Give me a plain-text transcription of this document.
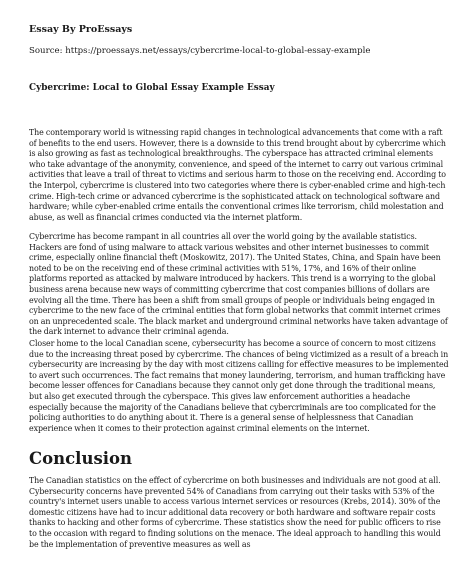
Essay By ProEssays
Source: https://proessays.net/essays/cybercrime-local-to-global-essay-example
Cybercrime: Local to Global Essay Example Essay

The contemporary world is witnessing rapid changes in technological advancements that come with a raft of benefits to the end users. However, there is a downside to this trend brought about by cybercrime which is also growing as fast as technological breakthroughs. The cyberspace has attracted criminal elements who take advantage of the anonymity, convenience, and speed of the internet to carry out various criminal activities that leave a trail of threat to victims and serious harm to those on the receiving end. According to the Interpol, cybercrime is clustered into two categories where there is cyber-enabled crime and high-tech crime. High-tech crime or advanced cybercrime is the sophisticated attack on technological software and hardware; while cyber-enabled crime entails the conventional crimes like terrorism, child molestation and abuse, as well as financial crimes conducted via the internet platform.

Cybercrime has become rampant in all countries all over the world going by the available statistics. Hackers are fond of using malware to attack various websites and other internet businesses to commit crime, especially online financial theft (Moskowitz, 2017). The United States, China, and Spain have been noted to be on the receiving end of these criminal activities with 51%, 17%, and 16% of their online platforms reported as attacked by malware introduced by hackers. This trend is a worrying to the global business arena because new ways of committing cybercrime that cost companies billions of dollars are evolving all the time. There has been a shift from small groups of people or individuals being engaged in cybercrime to the new face of the criminal entities that form global networks that commit internet crimes on an unprecedented scale. The black market and underground criminal networks have taken advantage of the dark internet to advance their criminal agenda.

Closer home to the local Canadian scene, cybersecurity has become a source of concern to most citizens due to the increasing threat posed by cybercrime. The chances of being victimized as a result of a breach in cybersecurity are increasing by the day with most citizens calling for effective measures to be implemented to avert such occurrences. The fact remains that money laundering, terrorism, and human trafficking have become lesser offences for Canadians because they cannot only get done through the traditional means, but also get executed through the cyberspace. This gives law enforcement authorities a headache especially because the majority of the Canadians believe that cybercriminals are too complicated for the policing authorities to do anything about it. There is a general sense of helplessness that Canadian experience when it comes to their protection against criminal elements on the internet.

Conclusion

The Canadian statistics on the effect of cybercrime on both businesses and individuals are not good at all. Cybersecurity concerns have prevented 54% of Canadians from carrying out their tasks with 53% of the country's internet users unable to access various internet services or resources (Krebs, 2014). 30% of the domestic citizens have had to incur additional data recovery or both hardware and software repair costs thanks to hacking and other forms of cybercrime. These statistics show the need for public officers to rise to the occasion with regard to finding solutions on the menace. The ideal approach to handling this would be the implementation of preventive measures as well as
